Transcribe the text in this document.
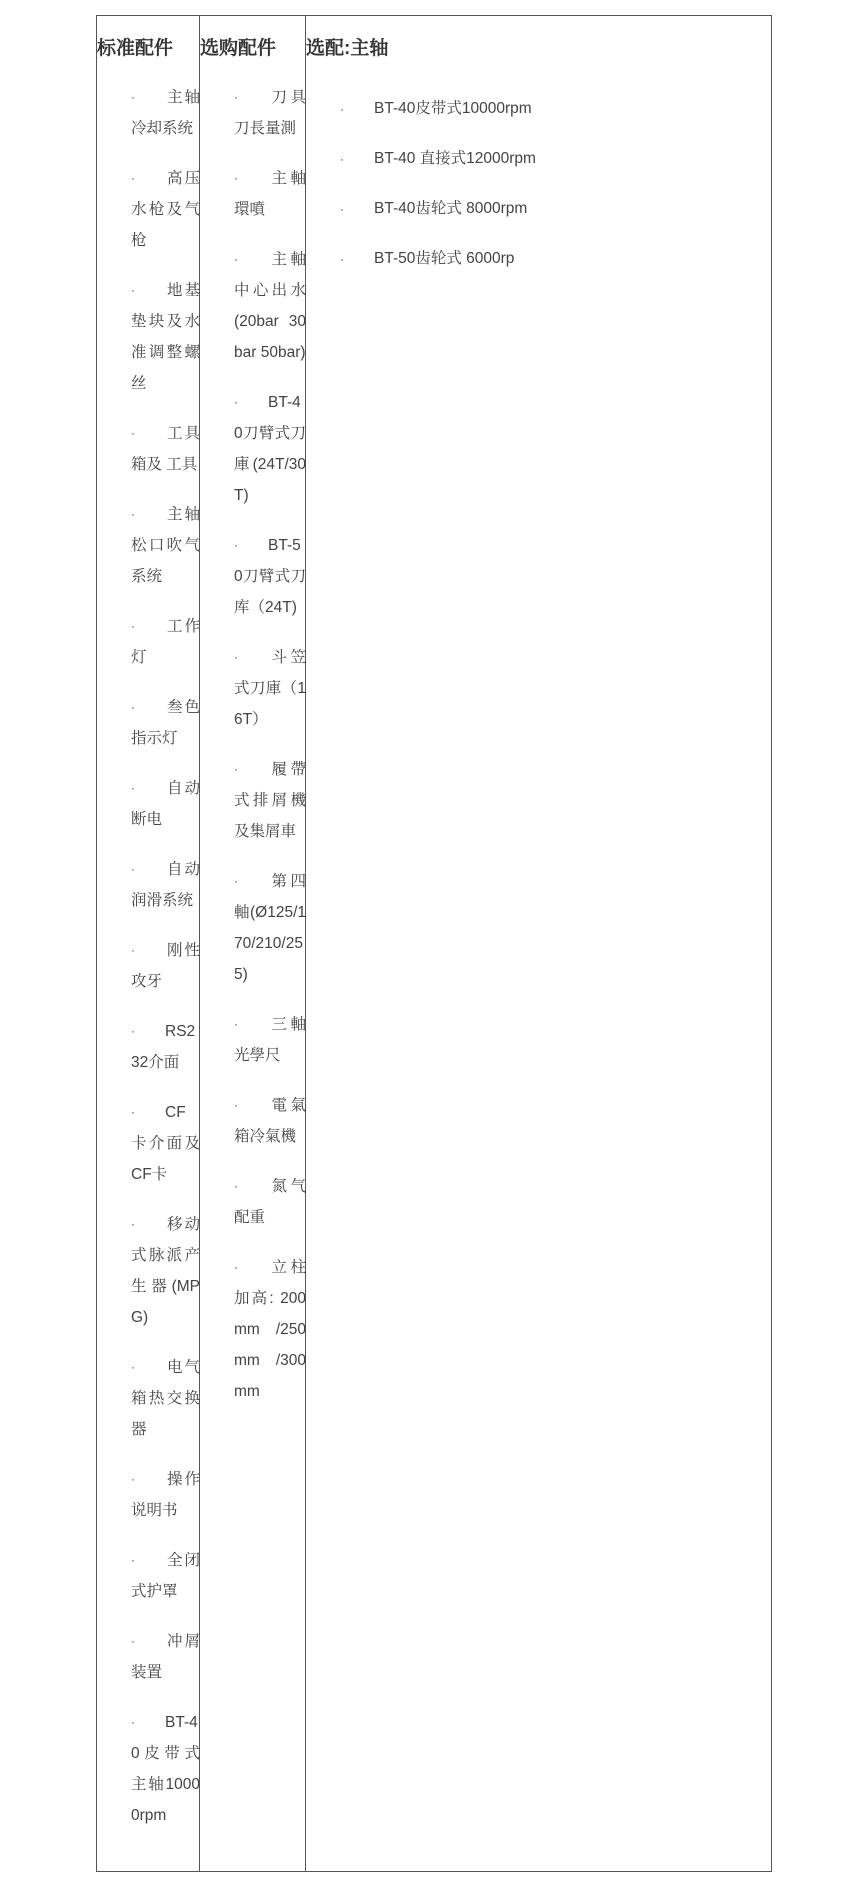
标准配件
· 主轴冷却系统
· 高压水枪及气枪
· 地基垫块及水准调整螺丝
· 工具箱及 工具
· 主轴松口吹气系统
· 工作灯
· 叁色指示灯
· 自动断电
· 自动润滑系统
· 刚性攻牙
· RS232介面
· CF卡介面及CF卡
· 移动式脉派产生器(MPG)
· 电气箱热交换器
· 操作说明书
· 全闭式护罩
· 冲屑装置
· BT-40皮带式主轴10000rpm
选购配件
· 刀具刀長量測
· 主軸環噴
· 主軸中心出水(20bar 30bar 50bar)
· BT-40刀臂式刀庫(24T/30T)
· BT-50刀臂式刀库（24T)
· 斗笠式刀庫（16T）
· 履帶式排屑機及集屑車
· 第四軸(Ø125/170/210/255)
· 三軸光學尺
· 電氣箱冷氣機
· 氮气配重
· 立柱加高: 200mm /250mm /300mm
选配:主轴
· BT-40皮带式10000rpm
· BT-40 直接式12000rpm
· BT-40齿轮式 8000rpm
· BT-50齿轮式 6000rp
